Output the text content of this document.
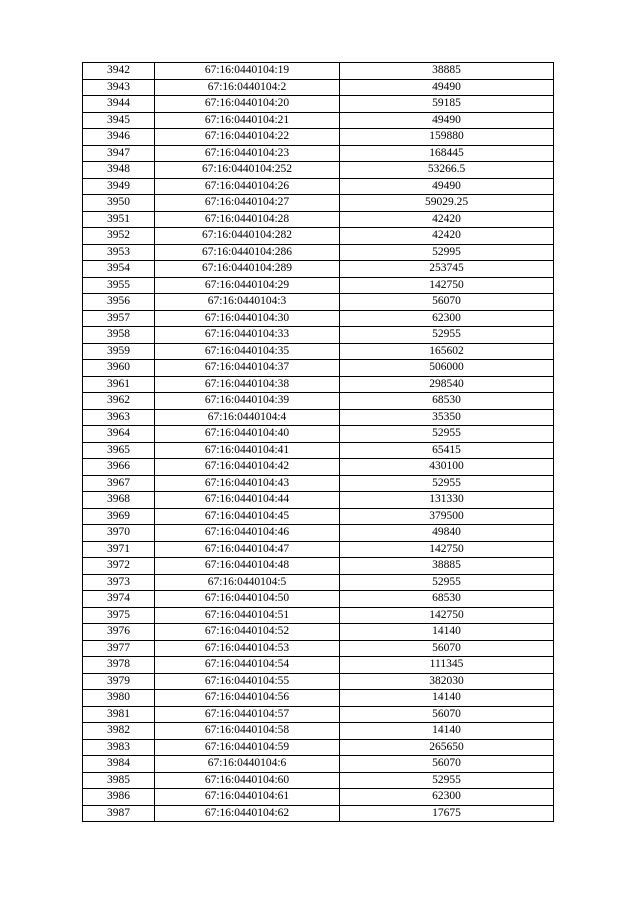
3942	67:16:0440104:19	38885
3943	67:16:0440104:2	49490
3944	67:16:0440104:20	59185
3945	67:16:0440104:21	49490
3946	67:16:0440104:22	159880
3947	67:16:0440104:23	168445
3948	67:16:0440104:252	53266.5
3949	67:16:0440104:26	49490
3950	67:16:0440104:27	59029.25
3951	67:16:0440104:28	42420
3952	67:16:0440104:282	42420
3953	67:16:0440104:286	52995
3954	67:16:0440104:289	253745
3955	67:16:0440104:29	142750
3956	67:16:0440104:3	56070
3957	67:16:0440104:30	62300
3958	67:16:0440104:33	52955
3959	67:16:0440104:35	165602
3960	67:16:0440104:37	506000
3961	67:16:0440104:38	298540
3962	67:16:0440104:39	68530
3963	67:16:0440104:4	35350
3964	67:16:0440104:40	52955
3965	67:16:0440104:41	65415
3966	67:16:0440104:42	430100
3967	67:16:0440104:43	52955
3968	67:16:0440104:44	131330
3969	67:16:0440104:45	379500
3970	67:16:0440104:46	49840
3971	67:16:0440104:47	142750
3972	67:16:0440104:48	38885
3973	67:16:0440104:5	52955
3974	67:16:0440104:50	68530
3975	67:16:0440104:51	142750
3976	67:16:0440104:52	14140
3977	67:16:0440104:53	56070
3978	67:16:0440104:54	111345
3979	67:16:0440104:55	382030
3980	67:16:0440104:56	14140
3981	67:16:0440104:57	56070
3982	67:16:0440104:58	14140
3983	67:16:0440104:59	265650
3984	67:16:0440104:6	56070
3985	67:16:0440104:60	52955
3986	67:16:0440104:61	62300
3987	67:16:0440104:62	17675
